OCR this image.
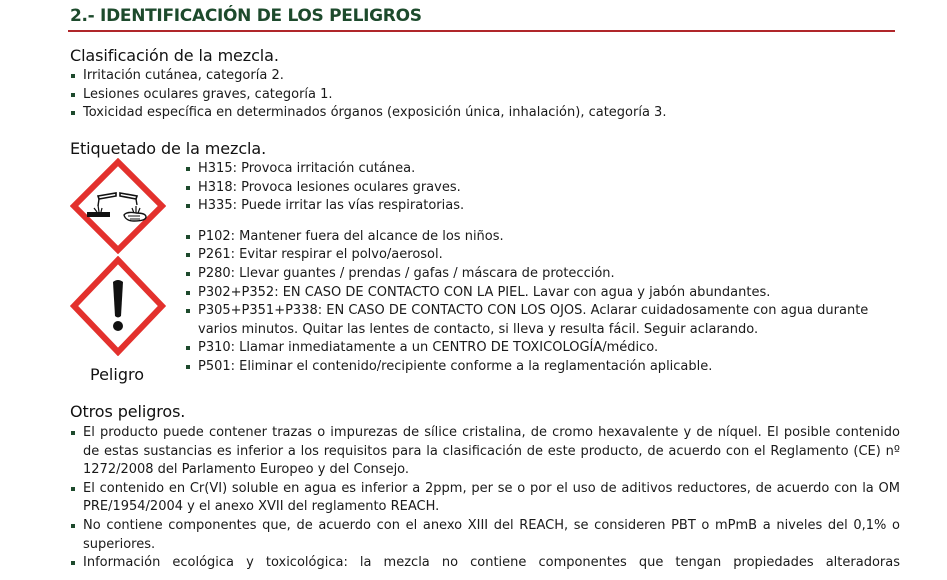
2.- IDENTIFICACIÓN DE LOS PELIGROS
Clasificación de la mezcla.
Irritación cutánea, categoría 2.
Lesiones oculares graves, categoría 1.
Toxicidad específica en determinados órganos (exposición única, inhalación), categoría 3.
Etiquetado de la mezcla.
Peligro
H315: Provoca irritación cutánea.
H318: Provoca lesiones oculares graves.
H335: Puede irritar las vías respiratorias.
P102: Mantener fuera del alcance de los niños.
P261: Evitar respirar el polvo/aerosol.
P280: Llevar guantes / prendas / gafas / máscara de protección.
P302+P352: EN CASO DE CONTACTO CON LA PIEL. Lavar con agua y jabón abundantes.
P305+P351+P338: EN CASO DE CONTACTO CON LOS OJOS. Aclarar cuidadosamente con agua durante varios minutos. Quitar las lentes de contacto, si lleva y resulta fácil. Seguir aclarando.
P310: Llamar inmediatamente a un CENTRO DE TOXICOLOGÍA/médico.
P501: Eliminar el contenido/recipiente conforme a la reglamentación aplicable.
Otros peligros.
El producto puede contener trazas o impurezas de sílice cristalina, de cromo hexavalente y de níquel. El posible contenido de estas sustancias es inferior a los requisitos para la clasificación de este producto, de acuerdo con el Reglamento (CE) nº 1272/2008 del Parlamento Europeo y del Consejo.
El contenido en Cr(VI) soluble en agua es inferior a 2ppm, per se o por el uso de aditivos reductores, de acuerdo con la OM PRE/1954/2004 y el anexo XVII del reglamento REACH.
No contiene componentes que, de acuerdo con el anexo XIII del REACH, se consideren PBT o mPmB a niveles del 0,1% o superiores.
Información ecológica y toxicológica: la mezcla no contiene componentes que tengan propiedades alteradoras
